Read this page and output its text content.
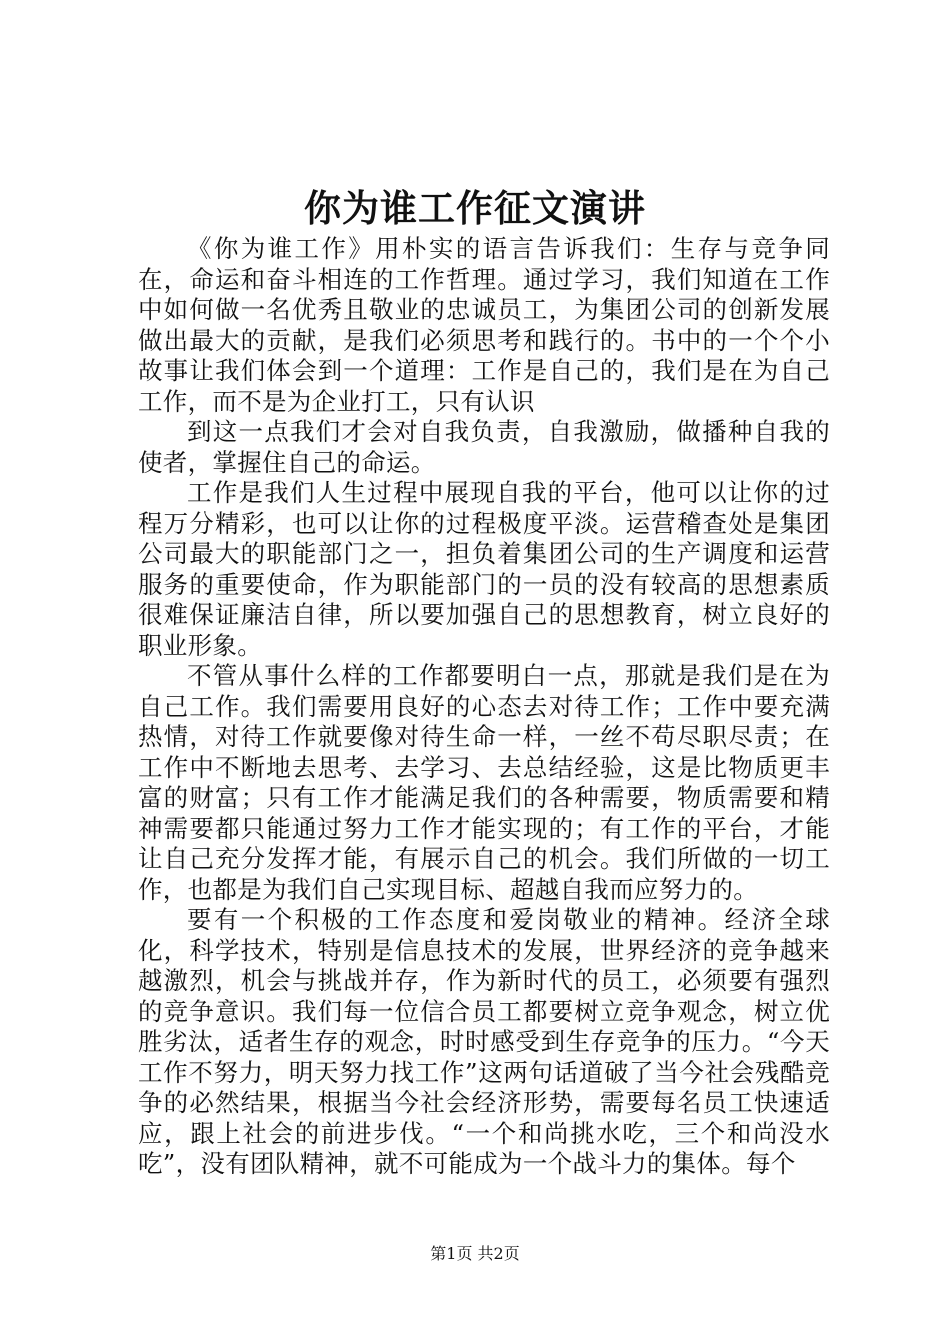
你为谁工作征文演讲

《你为谁工作》用朴实的语言告诉我们：生存与竞争同在，命运和奋斗相连的工作哲理。通过学习，我们知道在工作中如何做一名优秀且敬业的忠诚员工，为集团公司的创新发展做出最大的贡献，是我们必须思考和践行的。书中的一个个小故事让我们体会到一个道理：工作是自己的，我们是在为自己工作，而不是为企业打工，只有认识

到这一点我们才会对自我负责，自我激励，做播种自我的使者，掌握住自己的命运。

工作是我们人生过程中展现自我的平台，他可以让你的过程万分精彩，也可以让你的过程极度平淡。运营稽查处是集团公司最大的职能部门之一，担负着集团公司的生产调度和运营服务的重要使命，作为职能部门的一员的没有较高的思想素质很难保证廉洁自律，所以要加强自己的思想教育，树立良好的职业形象。

不管从事什么样的工作都要明白一点，那就是我们是在为自己工作。我们需要用良好的心态去对待工作；工作中要充满热情，对待工作就要像对待生命一样，一丝不苟尽职尽责；在工作中不断地去思考、去学习、去总结经验，这是比物质更丰富的财富；只有工作才能满足我们的各种需要，物质需要和精神需要都只能通过努力工作才能实现的；有工作的平台，才能让自己充分发挥才能，有展示自己的机会。我们所做的一切工作，也都是为我们自己实现目标、超越自我而应努力的。

要有一个积极的工作态度和爱岗敬业的精神。经济全球化，科学技术，特别是信息技术的发展，世界经济的竞争越来越激烈，机会与挑战并存，作为新时代的员工，必须要有强烈的竞争意识。我们每一位信合员工都要树立竞争观念，树立优胜劣汰，适者生存的观念，时时感受到生存竞争的压力。“今天工作不努力，明天努力找工作”这两句话道破了当今社会残酷竞争的必然结果，根据当今社会经济形势，需要每名员工快速适应，跟上社会的前进步伐。“一个和尚挑水吃，三个和尚没水吃”，没有团队精神，就不可能成为一个战斗力的集体。每个

第1页 共2页
